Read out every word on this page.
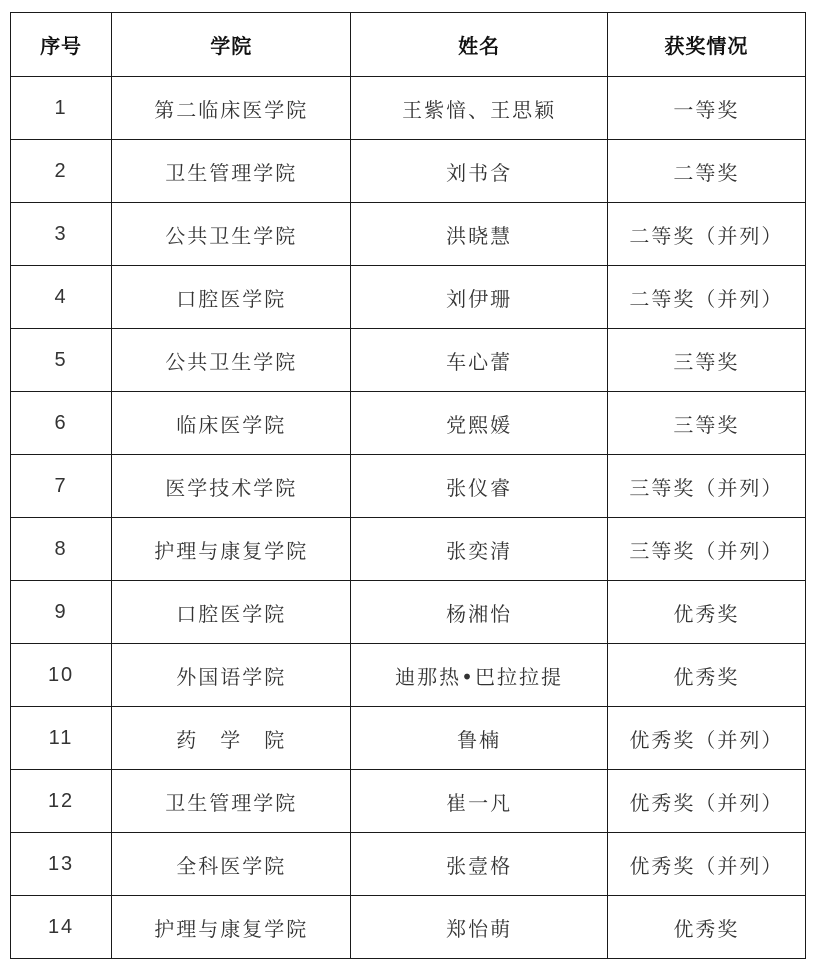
序号	学院	姓名	获奖情况
1	第二临床医学院	王紫愔、王思颖	一等奖
2	卫生管理学院	刘书含	二等奖
3	公共卫生学院	洪晓慧	二等奖（并列）
4	口腔医学院	刘伊珊	二等奖（并列）
5	公共卫生学院	车心蕾	三等奖
6	临床医学院	党熙媛	三等奖
7	医学技术学院	张仪睿	三等奖（并列）
8	护理与康复学院	张奕清	三等奖（并列）
9	口腔医学院	杨湘怡	优秀奖
10	外国语学院	迪那热•巴拉拉提	优秀奖
11	药　学　院	鲁楠	优秀奖（并列）
12	卫生管理学院	崔一凡	优秀奖（并列）
13	全科医学院	张壹格	优秀奖（并列）
14	护理与康复学院	郑怡萌	优秀奖
